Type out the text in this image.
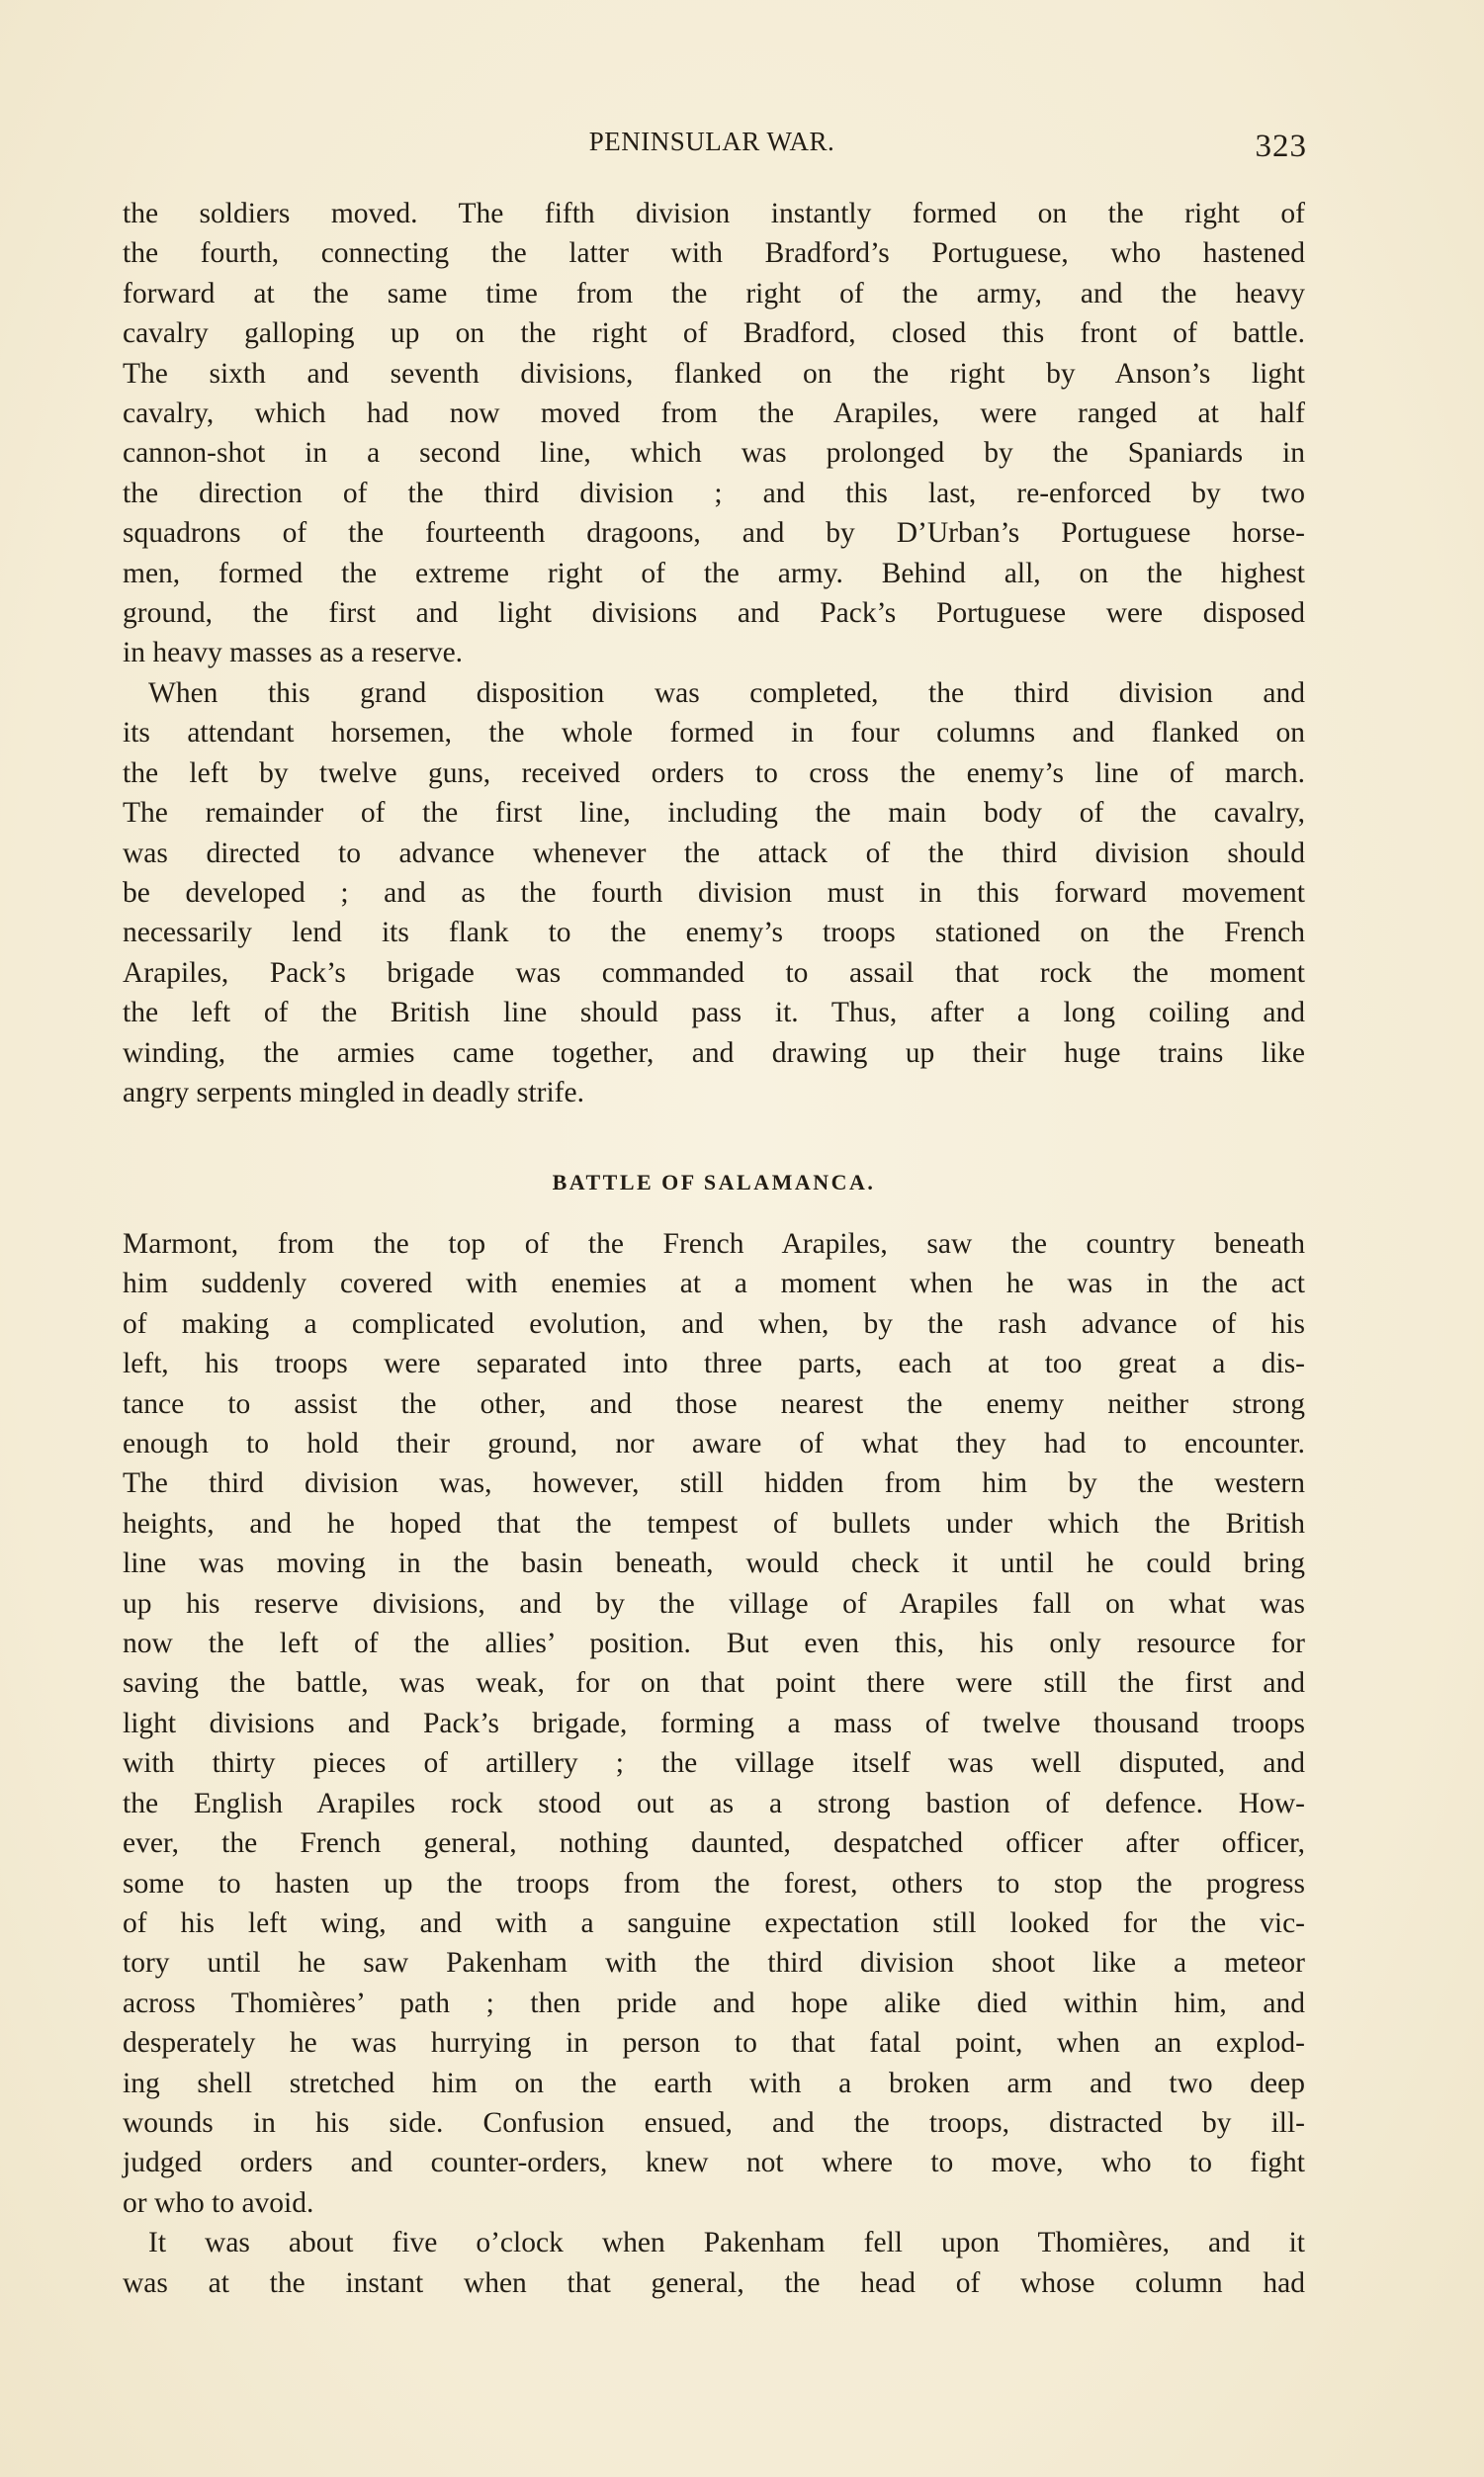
PENINSULAR WAR.	323

the soldiers moved. The fifth division instantly formed on the right of

the fourth, connecting the latter with Bradford’s Portuguese, who hastened

forward at the same time from the right of the army, and the heavy

cavalry galloping up on the right of Bradford, closed this front of battle.

The sixth and seventh divisions, flanked on the right by Anson’s light

cavalry, which had now moved from the Arapiles, were ranged at half

cannon-shot in a second line, which was prolonged by the Spaniards in

the direction of the third division ; and this last, re-enforced by two

squadrons of the fourteenth dragoons, and by D’Urban’s Portuguese horse-

men, formed the extreme right of the army. Behind all, on the highest

ground, the first and light divisions and Pack’s Portuguese were disposed

in heavy masses as a reserve.

When this grand disposition was completed, the third division and

its attendant horsemen, the whole formed in four columns and flanked on

the left by twelve guns, received orders to cross the enemy’s line of march.

The remainder of the first line, including the main body of the cavalry,

was directed to advance whenever the attack of the third division should

be developed ; and as the fourth division must in this forward movement

necessarily lend its flank to the enemy’s troops stationed on the French

Arapiles, Pack’s brigade was commanded to assail that rock the moment

the left of the British line should pass it. Thus, after a long coiling and

winding, the armies came together, and drawing up their huge trains like

angry serpents mingled in deadly strife.

BATTLE OF SALAMANCA.

Marmont, from the top of the French Arapiles, saw the country beneath

him suddenly covered with enemies at a moment when he was in the act

of making a complicated evolution, and when, by the rash advance of his

left, his troops were separated into three parts, each at too great a dis-

tance to assist the other, and those nearest the enemy neither strong

enough to hold their ground, nor aware of what they had to encounter.

The third division was, however, still hidden from him by the western

heights, and he hoped that the tempest of bullets under which the British

line was moving in the basin beneath, would check it until he could bring

up his reserve divisions, and by the village of Arapiles fall on what was

now the left of the allies’ position. But even this, his only resource for

saving the battle, was weak, for on that point there were still the first and

light divisions and Pack’s brigade, forming a mass of twelve thousand troops

with thirty pieces of artillery ; the village itself was well disputed, and

the English Arapiles rock stood out as a strong bastion of defence. How-

ever, the French general, nothing daunted, despatched officer after officer,

some to hasten up the troops from the forest, others to stop the progress

of his left wing, and with a sanguine expectation still looked for the vic-

tory until he saw Pakenham with the third division shoot like a meteor

across Thomières’ path ; then pride and hope alike died within him, and

desperately he was hurrying in person to that fatal point, when an explod-

ing shell stretched him on the earth with a broken arm and two deep

wounds in his side. Confusion ensued, and the troops, distracted by ill-

judged orders and counter-orders, knew not where to move, who to fight

or who to avoid.

It was about five o’clock when Pakenham fell upon Thomières, and it

was at the instant when that general, the head of whose column had
